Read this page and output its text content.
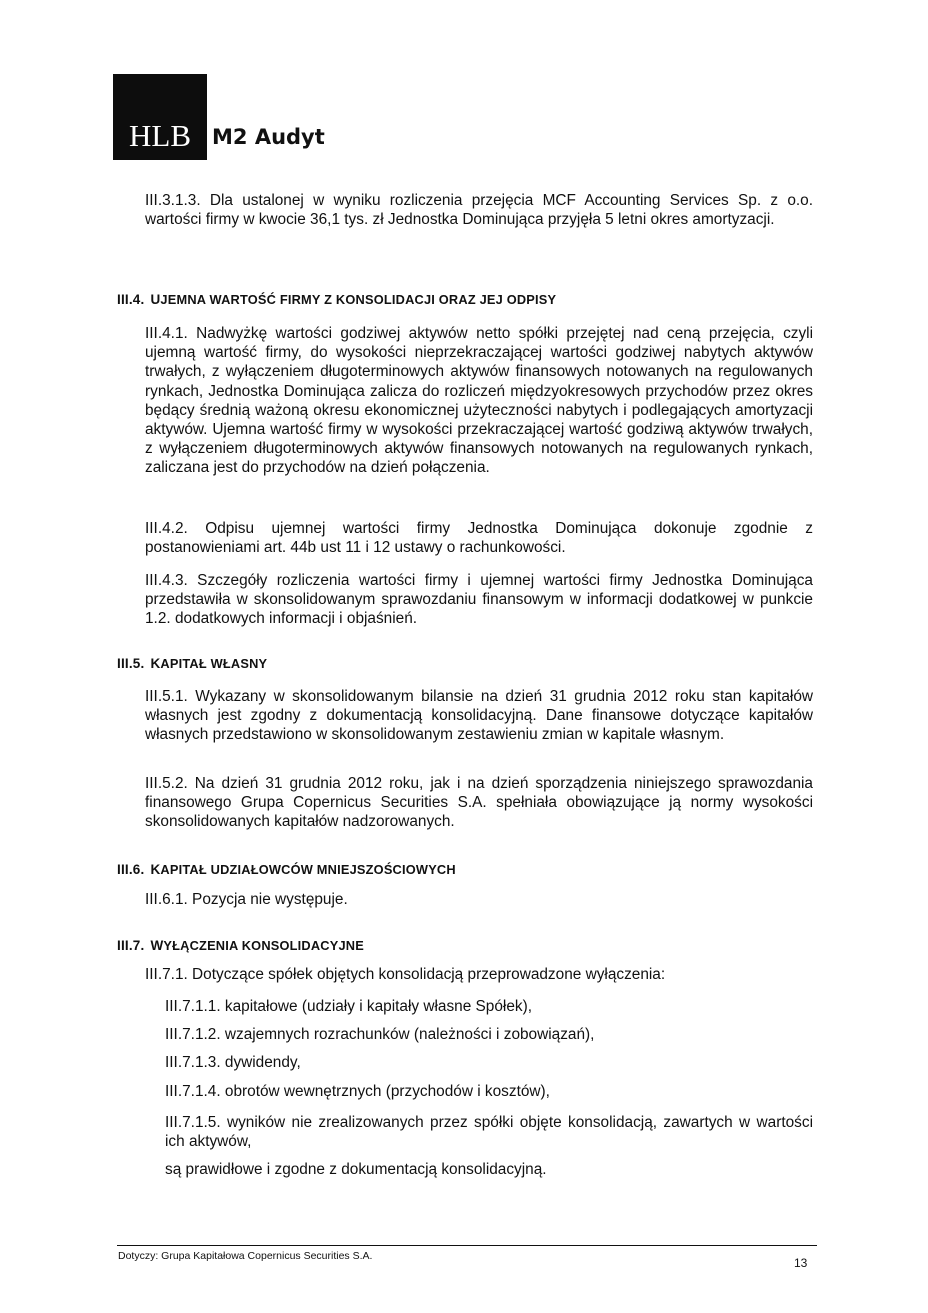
HLB	M2 Audyt

III.3.1.3. Dla ustalonej w wyniku rozliczenia przejęcia MCF Accounting Services Sp. z o.o. wartości firmy w kwocie 36,1 tys. zł Jednostka Dominująca przyjęła 5 letni okres amortyzacji.

III.4. UJEMNA WARTOŚĆ FIRMY Z KONSOLIDACJI ORAZ JEJ ODPISY

III.4.1. Nadwyżkę wartości godziwej aktywów netto spółki przejętej nad ceną przejęcia, czyli ujemną wartość firmy, do wysokości nieprzekraczającej wartości godziwej nabytych aktywów trwałych, z wyłączeniem długoterminowych aktywów finansowych notowanych na regulowanych rynkach, Jednostka Dominująca zalicza do rozliczeń międzyokresowych przychodów przez okres będący średnią ważoną okresu ekonomicznej użyteczności nabytych i podlegających amortyzacji aktywów. Ujemna wartość firmy w wysokości przekraczającej wartość godziwą aktywów trwałych, z wyłączeniem długoterminowych aktywów finansowych notowanych na regulowanych rynkach, zaliczana jest do przychodów na dzień połączenia.

III.4.2. Odpisu ujemnej wartości firmy Jednostka Dominująca dokonuje zgodnie z postanowieniami art. 44b ust 11 i 12 ustawy o rachunkowości.

III.4.3. Szczegóły rozliczenia wartości firmy i ujemnej wartości firmy Jednostka Dominująca przedstawiła w skonsolidowanym sprawozdaniu finansowym w informacji dodatkowej w punkcie 1.2. dodatkowych informacji i objaśnień.

III.5. KAPITAŁ WŁASNY

III.5.1. Wykazany w skonsolidowanym bilansie na dzień 31 grudnia 2012 roku stan kapitałów własnych jest zgodny z dokumentacją konsolidacyjną. Dane finansowe dotyczące kapitałów własnych przedstawiono w skonsolidowanym zestawieniu zmian w kapitale własnym.

III.5.2. Na dzień 31 grudnia 2012 roku, jak i na dzień sporządzenia niniejszego sprawozdania finansowego Grupa Copernicus Securities S.A. spełniała obowiązujące ją normy wysokości skonsolidowanych kapitałów nadzorowanych.

III.6. KAPITAŁ UDZIAŁOWCÓW MNIEJSZOŚCIOWYCH

III.6.1. Pozycja nie występuje.

III.7. WYŁĄCZENIA KONSOLIDACYJNE

III.7.1. Dotyczące spółek objętych konsolidacją przeprowadzone wyłączenia:

III.7.1.1. kapitałowe (udziały i kapitały własne Spółek),

III.7.1.2. wzajemnych rozrachunków (należności i zobowiązań),

III.7.1.3. dywidendy,

III.7.1.4. obrotów wewnętrznych (przychodów i kosztów),

III.7.1.5. wyników nie zrealizowanych przez spółki objęte konsolidacją, zawartych w wartości ich aktywów,

są prawidłowe i zgodne z dokumentacją konsolidacyjną.

Dotyczy: Grupa Kapitałowa Copernicus Securities S.A.	13
